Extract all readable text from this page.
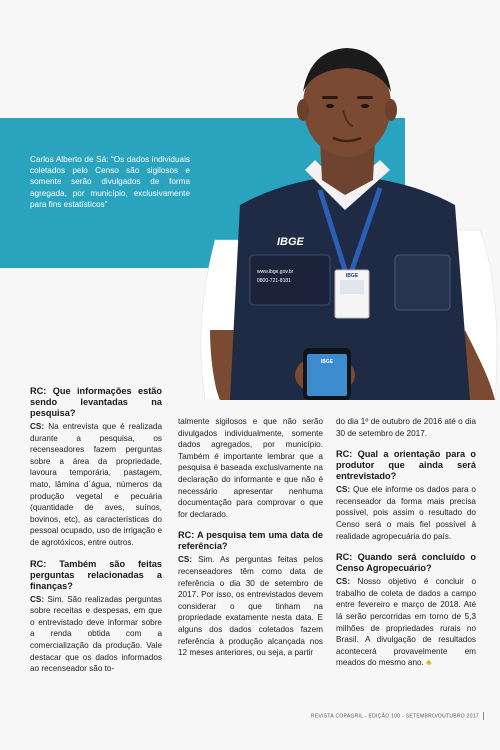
Carlos Alberto de Sá: “Os dados individuais coletados pelo Censo são sigilosos e somente serão divulgados de forma agregada, por município, exclusivamente para fins estatísticos”
IBGE
IBGE
www.ibge.gov.br
0800-721-8181
IBGE

RC: Que informações estão sendo levantadas na pesquisa?

CS: Na entrevista que é realizada durante a pesquisa, os recenseadores fazem perguntas sobre a área da propriedade, lavoura temporária, pastagem, mato, lâmina d´água, números da produção vegetal e pecuária (quantidade de aves, suínos, bovinos, etc), as características do pessoal ocupado, uso de irrigação e de agrotóxicos, entre outros.

RC: Também são feitas perguntas relacionadas a finanças?

CS: Sim. São realizadas perguntas sobre receitas e despesas, em que o entrevistado deve informar sobre a renda obtida com a comercialização da produção. Vale destacar que os dados informados ao recenseador são to-

talmente sigilosos e que não serão divulgados individualmente, somente dados agregados, por município. Também é importante lembrar que a pesquisa é baseada exclusivamente na declaração do informante e que não é necessário apresentar nenhuma documentação para comprovar o que for declarado.

RC: A pesquisa tem uma data de referência?

CS: Sim. As perguntas feitas pelos recenseadores têm como data de referência o dia 30 de setembro de 2017. Por isso, os entrevistados devem considerar o que tinham na propriedade exatamente nesta data. E alguns dos dados coletados fazem referência à produção alcançada nos 12 meses anteriores, ou seja, a partir

do dia 1º de outubro de 2016 até o dia 30 de setembro de 2017.

RC: Qual a orientação para o produtor que ainda será entrevistado?

CS: Que ele informe os dados para o recenseador da forma mais precisa possível, pois assim o resultado do Censo será o mais fiel possível à realidade agropecuária do país.

RC: Quando será concluído o Censo Agropecuário?

CS: Nosso objetivo é concluir o trabalho de coleta de dados a campo entre fevereiro e março de 2018. Até lá serão percorridas em torno de 5,3 milhões de propriedades rurais no Brasil. A divulgação de resultados acontecerá provavelmente em meados do mesmo ano. ♣

REVISTA COPAGRIL - EDIÇÃO 100 - SETEMBRO/OUTUBRO 2017
